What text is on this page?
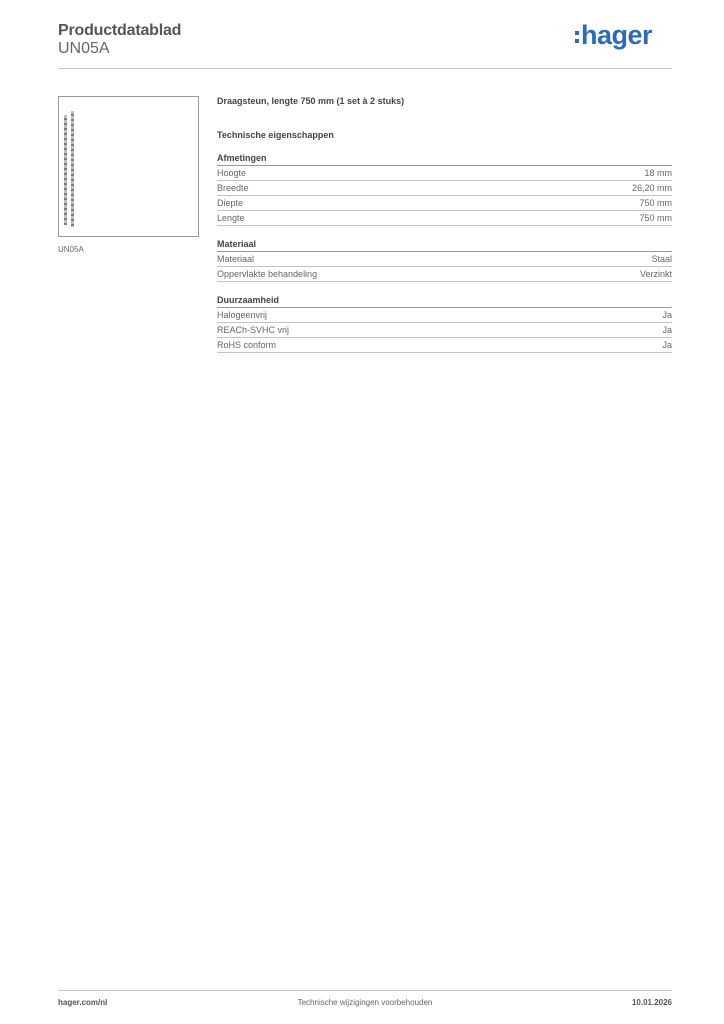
Productdatablad
UN05A	hager
UN05A
Draagsteun, lengte 750 mm (1 set à 2 stuks)
Technische eigenschappen
Afmetingen
Hoogte	18 mm
Breedte	26,20 mm
Diepte	750 mm
Lengte	750 mm
Materiaal
Materiaal	Staal
Oppervlakte behandeling	Verzinkt
Duurzaamheid
Halogeenvrij	Ja
REACh-SVHC vrij	Ja
RoHS conform	Ja
hager.com/nl	Technische wijzigingen voorbehouden	10.01.2026
